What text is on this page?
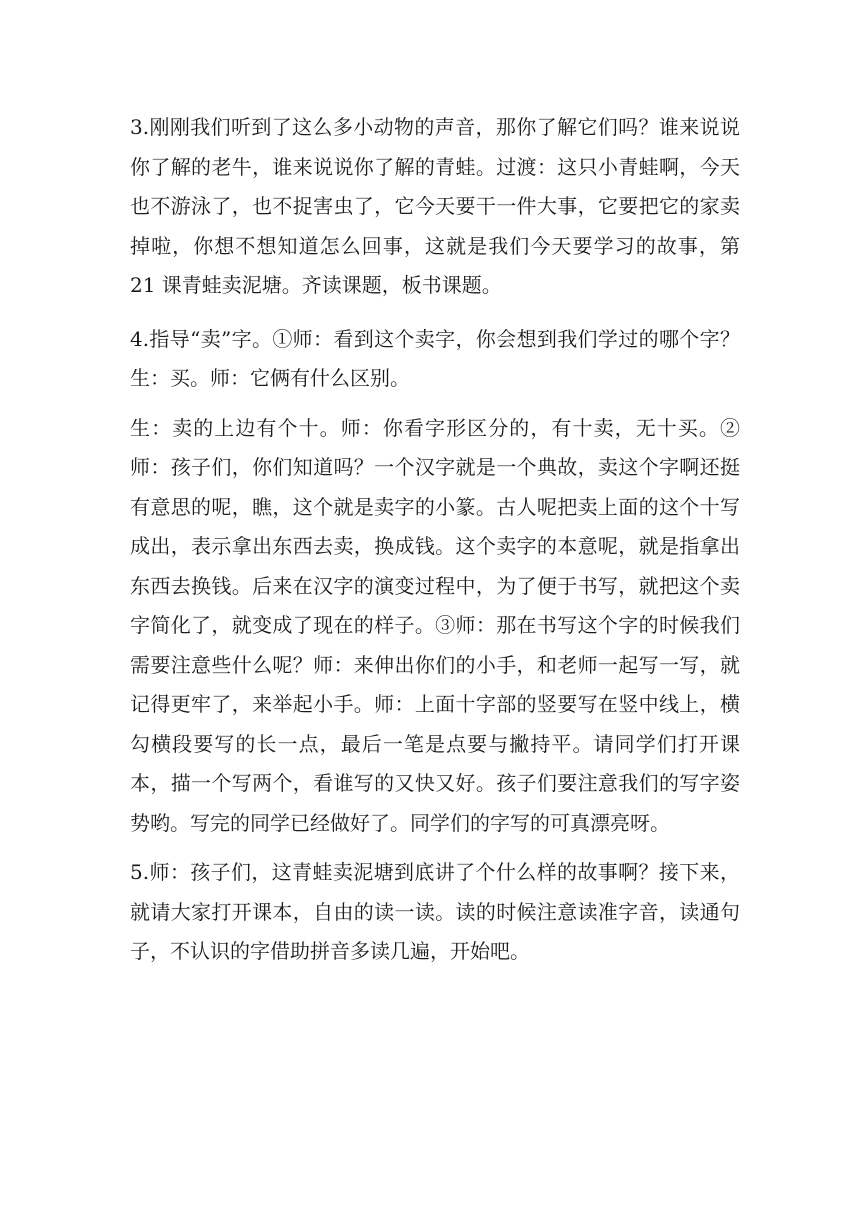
3.刚刚我们听到了这么多小动物的声音，那你了解它们吗？谁来说说你了解的老牛，谁来说说你了解的青蛙。过渡：这只小青蛙啊，今天也不游泳了，也不捉害虫了，它今天要干一件大事，它要把它的家卖掉啦，你想不想知道怎么回事，这就是我们今天要学习的故事，第 21 课青蛙卖泥塘。齐读课题，板书课题。

4.指导“卖”字。①师：看到这个卖字，你会想到我们学过的哪个字？生：买。师：它俩有什么区别。

生：卖的上边有个十。师：你看字形区分的，有十卖，无十买。②师：孩子们，你们知道吗？一个汉字就是一个典故，卖这个字啊还挺有意思的呢，瞧，这个就是卖字的小篆。古人呢把卖上面的这个十写成出，表示拿出东西去卖，换成钱。这个卖字的本意呢，就是指拿出东西去换钱。后来在汉字的演变过程中，为了便于书写，就把这个卖字简化了，就变成了现在的样子。③师：那在书写这个字的时候我们需要注意些什么呢？师：来伸出你们的小手，和老师一起写一写，就记得更牢了，来举起小手。师：上面十字部的竖要写在竖中线上，横勾横段要写的长一点，最后一笔是点要与撇持平。请同学们打开课本，描一个写两个，看谁写的又快又好。孩子们要注意我们的写字姿势哟。写完的同学已经做好了。同学们的字写的可真漂亮呀。

5.师：孩子们，这青蛙卖泥塘到底讲了个什么样的故事啊？接下来，就请大家打开课本，自由的读一读。读的时候注意读准字音，读通句子，不认识的字借助拼音多读几遍，开始吧。
